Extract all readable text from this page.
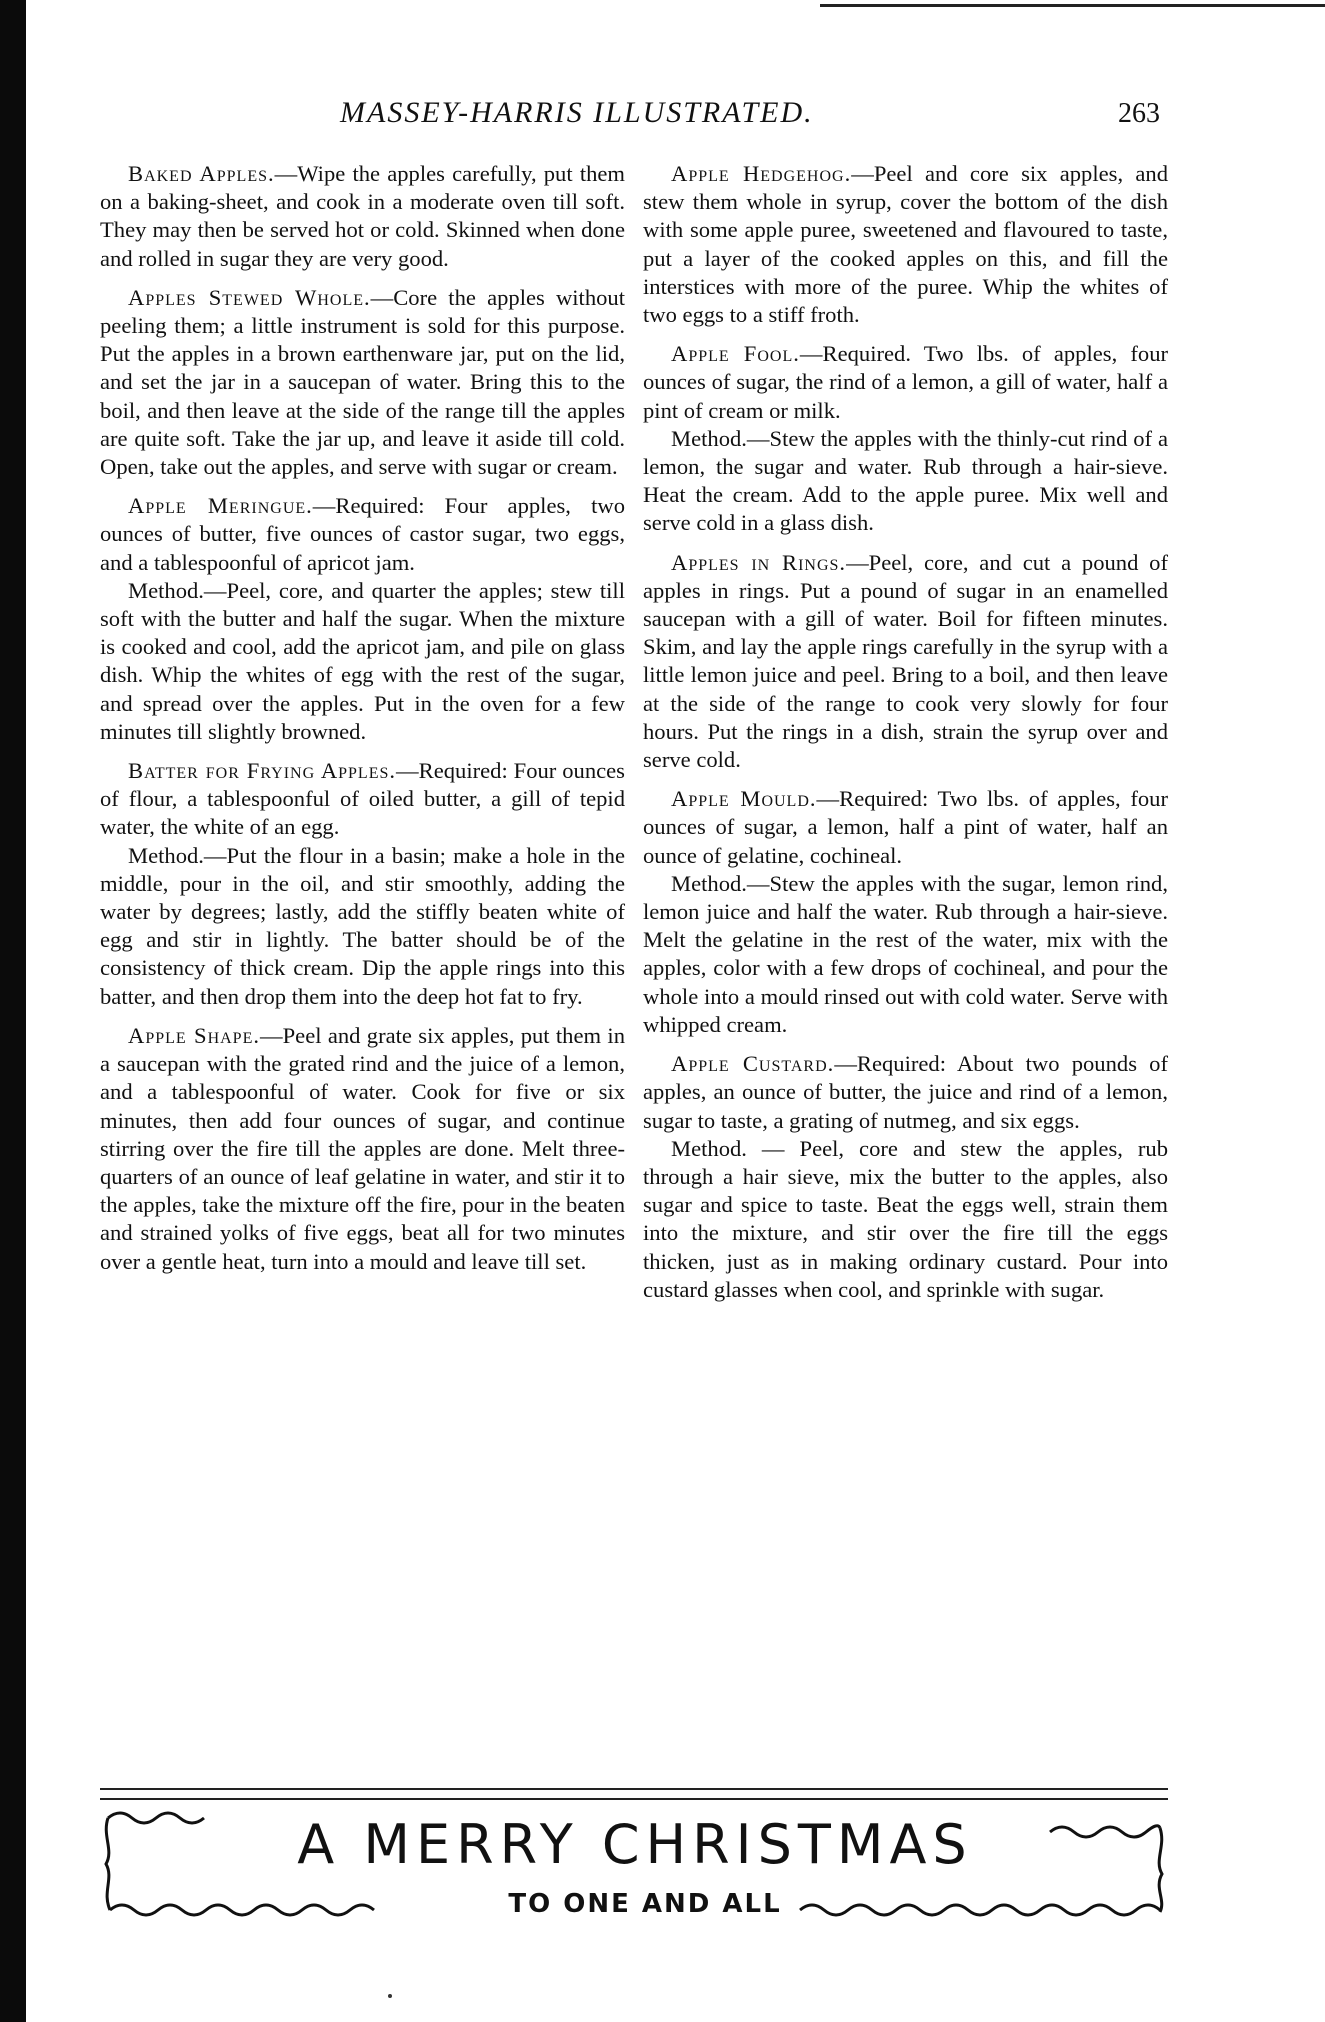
MASSEY-HARRIS ILLUSTRATED.	263

Baked Apples.—Wipe the apples carefully, put them on a baking-sheet, and cook in a moderate oven till soft. They may then be served hot or cold. Skinned when done and rolled in sugar they are very good.

Apples Stewed Whole.—Core the apples without peeling them; a little instrument is sold for this purpose. Put the apples in a brown earthenware jar, put on the lid, and set the jar in a saucepan of water. Bring this to the boil, and then leave at the side of the range till the apples are quite soft. Take the jar up, and leave it aside till cold. Open, take out the apples, and serve with sugar or cream.

Apple Meringue.—Required: Four apples, two ounces of butter, five ounces of castor sugar, two eggs, and a tablespoonful of apricot jam.

Method.—Peel, core, and quarter the apples; stew till soft with the butter and half the sugar. When the mixture is cooked and cool, add the apricot jam, and pile on glass dish. Whip the whites of egg with the rest of the sugar, and spread over the apples. Put in the oven for a few minutes till slightly browned.

Batter for Frying Apples.—Required: Four ounces of flour, a tablespoonful of oiled butter, a gill of tepid water, the white of an egg.

Method.—Put the flour in a basin; make a hole in the middle, pour in the oil, and stir smoothly, adding the water by degrees; lastly, add the stiffly beaten white of egg and stir in lightly. The batter should be of the consistency of thick cream. Dip the apple rings into this batter, and then drop them into the deep hot fat to fry.

Apple Shape.—Peel and grate six apples, put them in a saucepan with the grated rind and the juice of a lemon, and a tablespoonful of water. Cook for five or six minutes, then add four ounces of sugar, and continue stirring over the fire till the apples are done. Melt three-quarters of an ounce of leaf gelatine in water, and stir it to the apples, take the mixture off the fire, pour in the beaten and strained yolks of five eggs, beat all for two minutes over a gentle heat, turn into a mould and leave till set.

Apple Hedgehog.—Peel and core six apples, and stew them whole in syrup, cover the bottom of the dish with some apple puree, sweetened and flavoured to taste, put a layer of the cooked apples on this, and fill the interstices with more of the puree. Whip the whites of two eggs to a stiff froth.

Apple Fool.—Required. Two lbs. of apples, four ounces of sugar, the rind of a lemon, a gill of water, half a pint of cream or milk.

Method.—Stew the apples with the thinly-cut rind of a lemon, the sugar and water. Rub through a hair-sieve. Heat the cream. Add to the apple puree. Mix well and serve cold in a glass dish.

Apples in Rings.—Peel, core, and cut a pound of apples in rings. Put a pound of sugar in an enamelled saucepan with a gill of water. Boil for fifteen minutes. Skim, and lay the apple rings carefully in the syrup with a little lemon juice and peel. Bring to a boil, and then leave at the side of the range to cook very slowly for four hours. Put the rings in a dish, strain the syrup over and serve cold.

Apple Mould.—Required: Two lbs. of apples, four ounces of sugar, a lemon, half a pint of water, half an ounce of gelatine, cochineal.

Method.—Stew the apples with the sugar, lemon rind, lemon juice and half the water. Rub through a hair-sieve. Melt the gelatine in the rest of the water, mix with the apples, color with a few drops of cochineal, and pour the whole into a mould rinsed out with cold water. Serve with whipped cream.

Apple Custard.—Required: About two pounds of apples, an ounce of butter, the juice and rind of a lemon, sugar to taste, a grating of nutmeg, and six eggs.

Method. — Peel, core and stew the apples, rub through a hair sieve, mix the butter to the apples, also sugar and spice to taste. Beat the eggs well, strain them into the mixture, and stir over the fire till the eggs thicken, just as in making ordinary custard. Pour into custard glasses when cool, and sprinkle with sugar.

A MERRY CHRISTMAS
TO ONE AND ALL
